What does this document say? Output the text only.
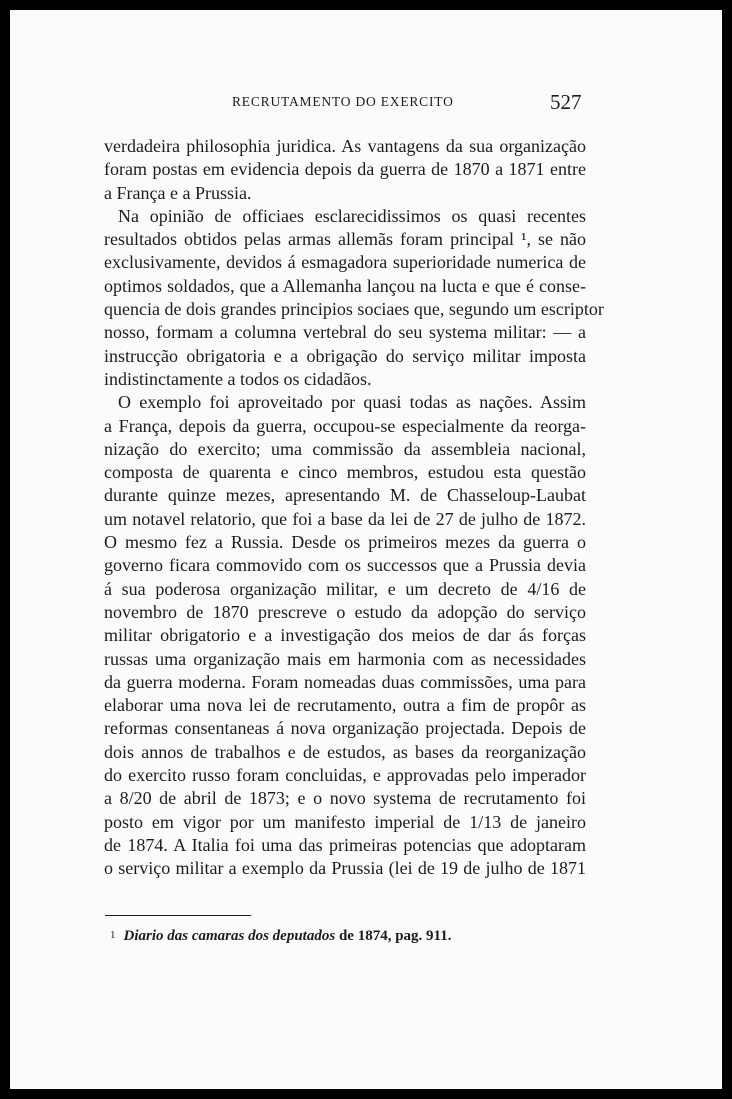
RECRUTAMENTO DO EXERCITO	527
verdadeira philosophia juridica. As vantagens da sua organização
foram postas em evidencia depois da guerra de 1870 a 1871 entre
a França e a Prussia.
Na opinião de officiaes esclarecidissimos os quasi recentes
resultados obtidos pelas armas allemãs foram principal ¹, se não
exclusivamente, devidos á esmagadora superioridade numerica de
optimos soldados, que a Allemanha lançou na lucta e que é conse-
quencia de dois grandes principios sociaes que, segundo um escriptor
nosso, formam a columna vertebral do seu systema militar: — a
instrucção obrigatoria e a obrigação do serviço militar imposta
indistinctamente a todos os cidadãos.
O exemplo foi aproveitado por quasi todas as nações. Assim
a França, depois da guerra, occupou-se especialmente da reorga-
nização do exercito; uma commissão da assembleia nacional,
composta de quarenta e cinco membros, estudou esta questão
durante quinze mezes, apresentando M. de Chasseloup-Laubat
um notavel relatorio, que foi a base da lei de 27 de julho de 1872.
O mesmo fez a Russia. Desde os primeiros mezes da guerra o
governo ficara commovido com os successos que a Prussia devia
á sua poderosa organização militar, e um decreto de 4/16 de
novembro de 1870 prescreve o estudo da adopção do serviço
militar obrigatorio e a investigação dos meios de dar ás forças
russas uma organização mais em harmonia com as necessidades
da guerra moderna. Foram nomeadas duas commissões, uma para
elaborar uma nova lei de recrutamento, outra a fim de propôr as
reformas consentaneas á nova organização projectada. Depois de
dois annos de trabalhos e de estudos, as bases da reorganização
do exercito russo foram concluidas, e approvadas pelo imperador
a 8/20 de abril de 1873; e o novo systema de recrutamento foi
posto em vigor por um manifesto imperial de 1/13 de janeiro
de 1874. A Italia foi uma das primeiras potencias que adoptaram
o serviço militar a exemplo da Prussia (lei de 19 de julho de 1871
1 Diario das camaras dos deputados de 1874, pag. 911.
